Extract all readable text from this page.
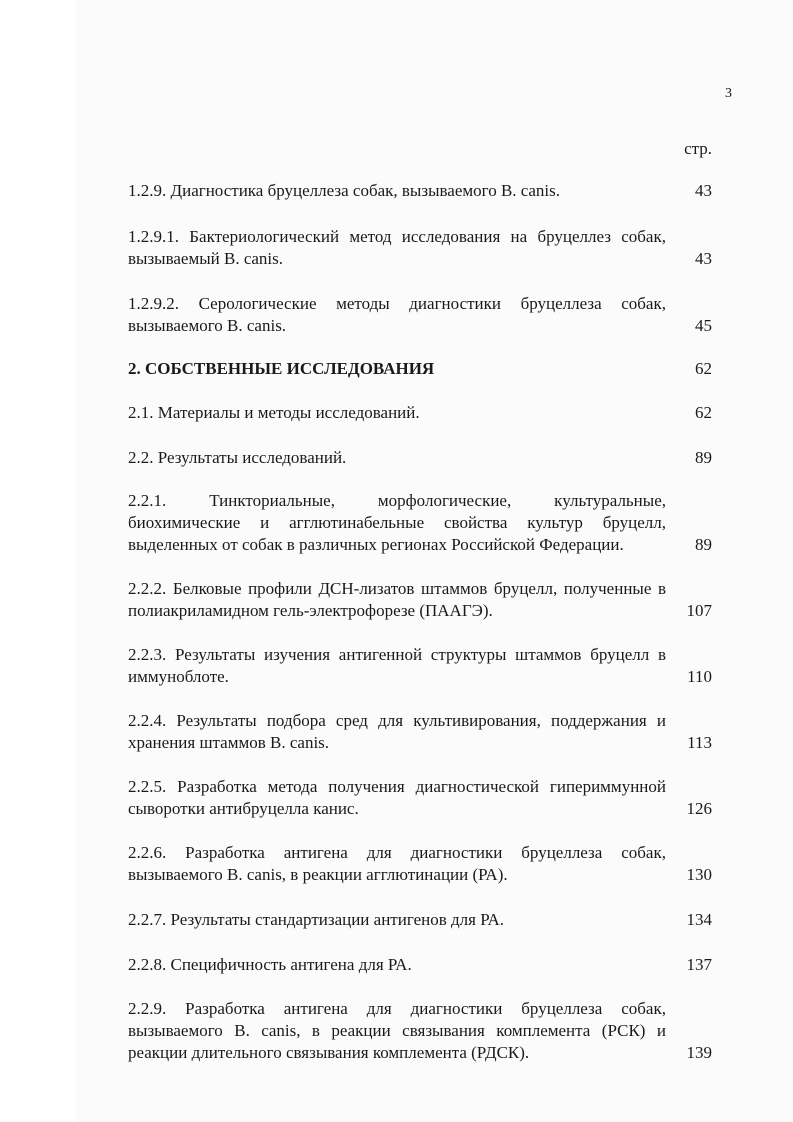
3
стр.
1.2.9. Диагностика бруцеллеза собак, вызываемого B. canis.	43
1.2.9.1. Бактериологический метод исследования на бруцеллез собак, вызываемый B. canis.	43
1.2.9.2. Серологические методы диагностики бруцеллеза собак, вызываемого B. canis.	45
2. СОБСТВЕННЫЕ ИССЛЕДОВАНИЯ	62
2.1. Материалы и методы исследований.	62
2.2. Результаты исследований.	89
2.2.1. Тинкториальные, морфологические, культуральные, биохимические и агглютинабельные свойства культур бруцелл, выделенных от собак в различных регионах Российской Федерации.	89
2.2.2. Белковые профили ДСН-лизатов штаммов бруцелл, полученные в полиакриламидном гель-электрофорезе (ПААГЭ).	107
2.2.3. Результаты изучения антигенной структуры штаммов бруцелл в иммуноблоте.	110
2.2.4. Результаты подбора сред для культивирования, поддержания и хранения штаммов B. canis.	113
2.2.5. Разработка метода получения диагностической гипериммунной сыворотки антибруцелла канис.	126
2.2.6. Разработка антигена для диагностики бруцеллеза собак, вызываемого B. canis, в реакции агглютинации (РА).	130
2.2.7. Результаты стандартизации антигенов для РА.	134
2.2.8. Специфичность антигена для РА.	137
2.2.9. Разработка антигена для диагностики бруцеллеза собак, вызываемого B. canis, в реакции связывания комплемента (РСК) и реакции длительного связывания комплемента (РДСК).	139
